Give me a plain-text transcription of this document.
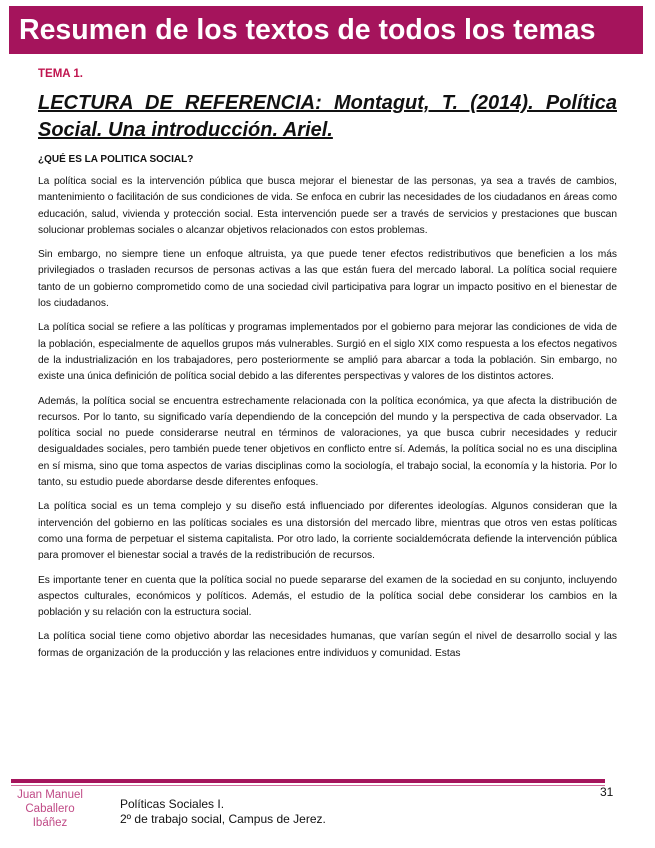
Resumen de los textos de todos los temas
TEMA 1.
LECTURA DE REFERENCIA: Montagut, T. (2014). Política Social. Una introducción. Ariel.
¿QUÉ ES LA POLITICA SOCIAL?

La política social es la intervención pública que busca mejorar el bienestar de las personas, ya sea a través de cambios, mantenimiento o facilitación de sus condiciones de vida. Se enfoca en cubrir las necesidades de los ciudadanos en áreas como educación, salud, vivienda y protección social. Esta intervención puede ser a través de servicios y prestaciones que buscan solucionar problemas sociales o alcanzar objetivos relacionados con estos problemas.

Sin embargo, no siempre tiene un enfoque altruista, ya que puede tener efectos redistributivos que beneficien a los más privilegiados o trasladen recursos de personas activas a las que están fuera del mercado laboral. La política social requiere tanto de un gobierno comprometido como de una sociedad civil participativa para lograr un impacto positivo en el bienestar de los ciudadanos.

La política social se refiere a las políticas y programas implementados por el gobierno para mejorar las condiciones de vida de la población, especialmente de aquellos grupos más vulnerables. Surgió en el siglo XIX como respuesta a los efectos negativos de la industrialización en los trabajadores, pero posteriormente se amplió para abarcar a toda la población. Sin embargo, no existe una única definición de política social debido a las diferentes perspectivas y valores de los distintos actores.

Además, la política social se encuentra estrechamente relacionada con la política económica, ya que afecta la distribución de recursos. Por lo tanto, su significado varía dependiendo de la concepción del mundo y la perspectiva de cada observador. La política social no puede considerarse neutral en términos de valoraciones, ya que busca cubrir necesidades y reducir desigualdades sociales, pero también puede tener objetivos en conflicto entre sí. Además, la política social no es una disciplina en sí misma, sino que toma aspectos de varias disciplinas como la sociología, el trabajo social, la economía y la historia. Por lo tanto, su estudio puede abordarse desde diferentes enfoques.

La política social es un tema complejo y su diseño está influenciado por diferentes ideologías. Algunos consideran que la intervención del gobierno en las políticas sociales es una distorsión del mercado libre, mientras que otros ven estas políticas como una forma de perpetuar el sistema capitalista. Por otro lado, la corriente socialdemócrata defiende la intervención pública para promover el bienestar social a través de la redistribución de recursos.

Es importante tener en cuenta que la política social no puede separarse del examen de la sociedad en su conjunto, incluyendo aspectos culturales, económicos y políticos. Además, el estudio de la política social debe considerar los cambios en la población y su relación con la estructura social.

La política social tiene como objetivo abordar las necesidades humanas, que varían según el nivel de desarrollo social y las formas de organización de la producción y las relaciones entre individuos y comunidad. Estas

Juan Manuel
Caballero
Ibáñez
Políticas Sociales I.
2º de trabajo social, Campus de Jerez.
31
